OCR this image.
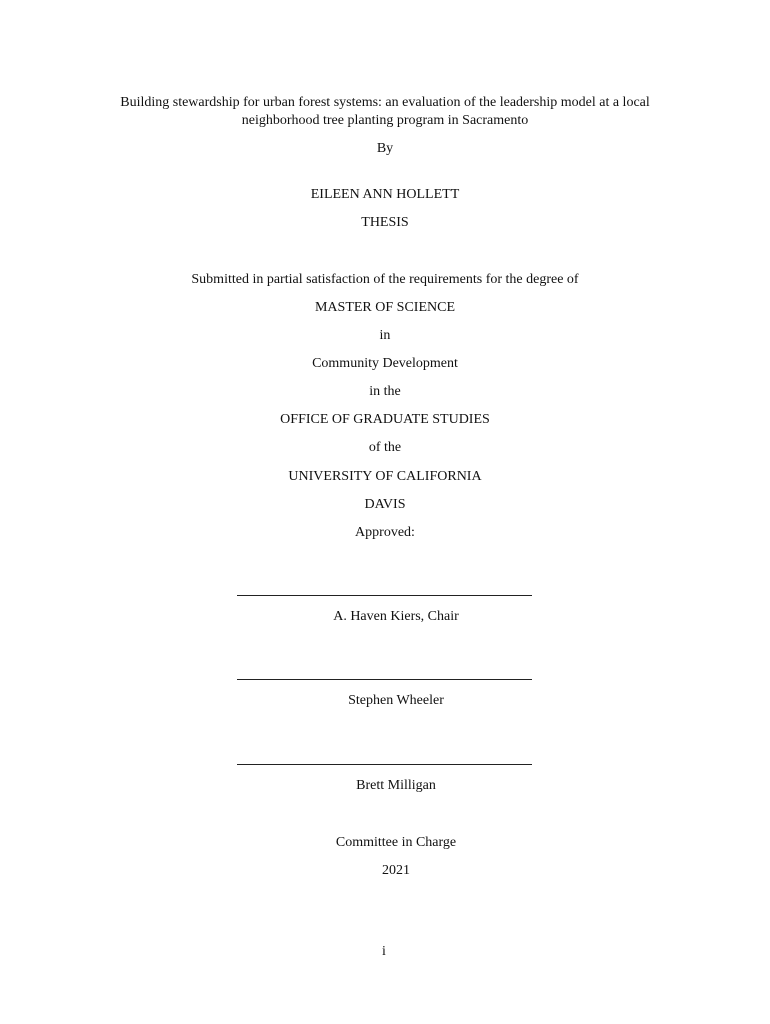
Building stewardship for urban forest systems: an evaluation of the leadership model at a local
neighborhood tree planting program in Sacramento
By
EILEEN ANN HOLLETT
THESIS
Submitted in partial satisfaction of the requirements for the degree of
MASTER OF SCIENCE
in
Community Development
in the
OFFICE OF GRADUATE STUDIES
of the
UNIVERSITY OF CALIFORNIA
DAVIS
Approved:
A. Haven Kiers, Chair
Stephen Wheeler
Brett Milligan
Committee in Charge
2021
i
